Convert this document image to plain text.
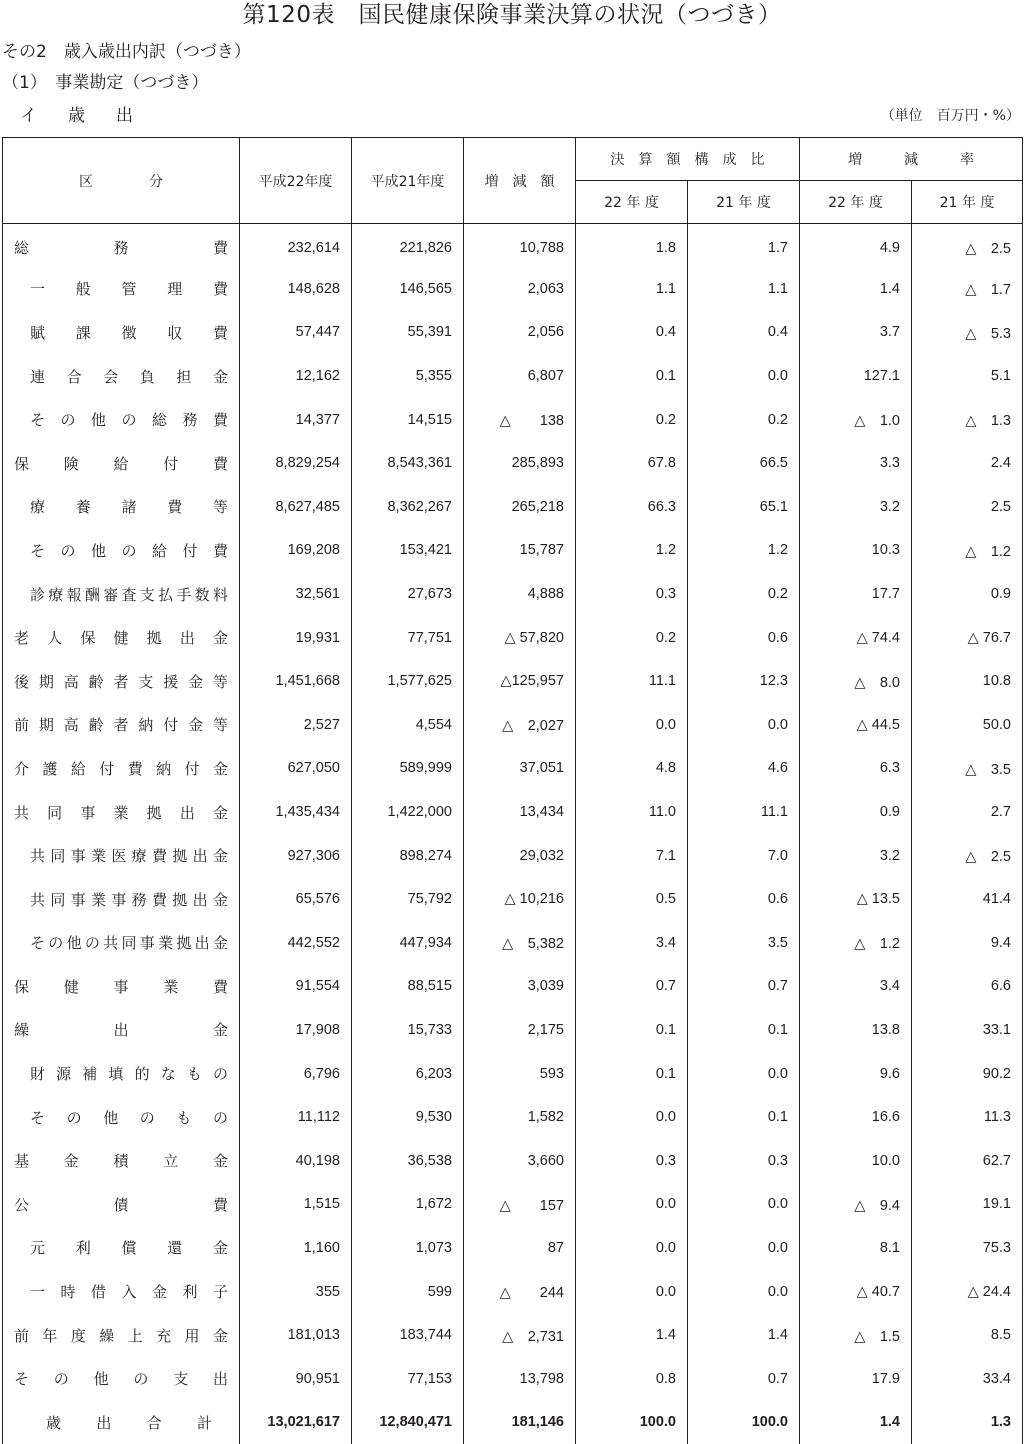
第120表　国民健康保険事業決算の状況（つづき）
その2　歳入歳出内訳（つづき）
（1）　事業勘定（つづき）
イ 歳 出	（単位　百万円・%）
区　　　　分	平成22年度	平成21年度	増　減　額	決　算　額　構　成　比		増　　　減　　　率	
				22 年 度	21 年 度	22 年 度	21 年 度
総務費	232,614	221,826	10,788	1.8	1.7	4.9	△　2.5
一般管理費	148,628	146,565	2,063	1.1	1.1	1.4	△　1.7
賦課徴収費	57,447	55,391	2,056	0.4	0.4	3.7	△　5.3
連合会負担金	12,162	5,355	6,807	0.1	0.0	127.1	5.1
その他の総務費	14,377	14,515	△　　138	0.2	0.2	△　1.0	△　1.3
保険給付費	8,829,254	8,543,361	285,893	67.8	66.5	3.3	2.4
療養諸費等	8,627,485	8,362,267	265,218	66.3	65.1	3.2	2.5
その他の給付費	169,208	153,421	15,787	1.2	1.2	10.3	△　1.2
診療報酬審査支払手数料	32,561	27,673	4,888	0.3	0.2	17.7	0.9
老人保健拠出金	19,931	77,751	△ 57,820	0.2	0.6	△ 74.4	△ 76.7
後期高齢者支援金等	1,451,668	1,577,625	△125,957	11.1	12.3	△　8.0	10.8
前期高齢者納付金等	2,527	4,554	△　2,027	0.0	0.0	△ 44.5	50.0
介護給付費納付金	627,050	589,999	37,051	4.8	4.6	6.3	△　3.5
共同事業拠出金	1,435,434	1,422,000	13,434	11.0	11.1	0.9	2.7
共同事業医療費拠出金	927,306	898,274	29,032	7.1	7.0	3.2	△　2.5
共同事業事務費拠出金	65,576	75,792	△ 10,216	0.5	0.6	△ 13.5	41.4
その他の共同事業拠出金	442,552	447,934	△　5,382	3.4	3.5	△　1.2	9.4
保健事業費	91,554	88,515	3,039	0.7	0.7	3.4	6.6
繰出金	17,908	15,733	2,175	0.1	0.1	13.8	33.1
財源補填的なもの	6,796	6,203	593	0.1	0.0	9.6	90.2
その他のもの	11,112	9,530	1,582	0.0	0.1	16.6	11.3
基金積立金	40,198	36,538	3,660	0.3	0.3	10.0	62.7
公債費	1,515	1,672	△　　157	0.0	0.0	△　9.4	19.1
元利償還金	1,160	1,073	87	0.0	0.0	8.1	75.3
一時借入金利子	355	599	△　　244	0.0	0.0	△ 40.7	△ 24.4
前年度繰上充用金	181,013	183,744	△　2,731	1.4	1.4	△　1.5	8.5
その他の支出	90,951	77,153	13,798	0.8	0.7	17.9	33.4
歳出合計	13,021,617	12,840,471	181,146	100.0	100.0	1.4	1.3
